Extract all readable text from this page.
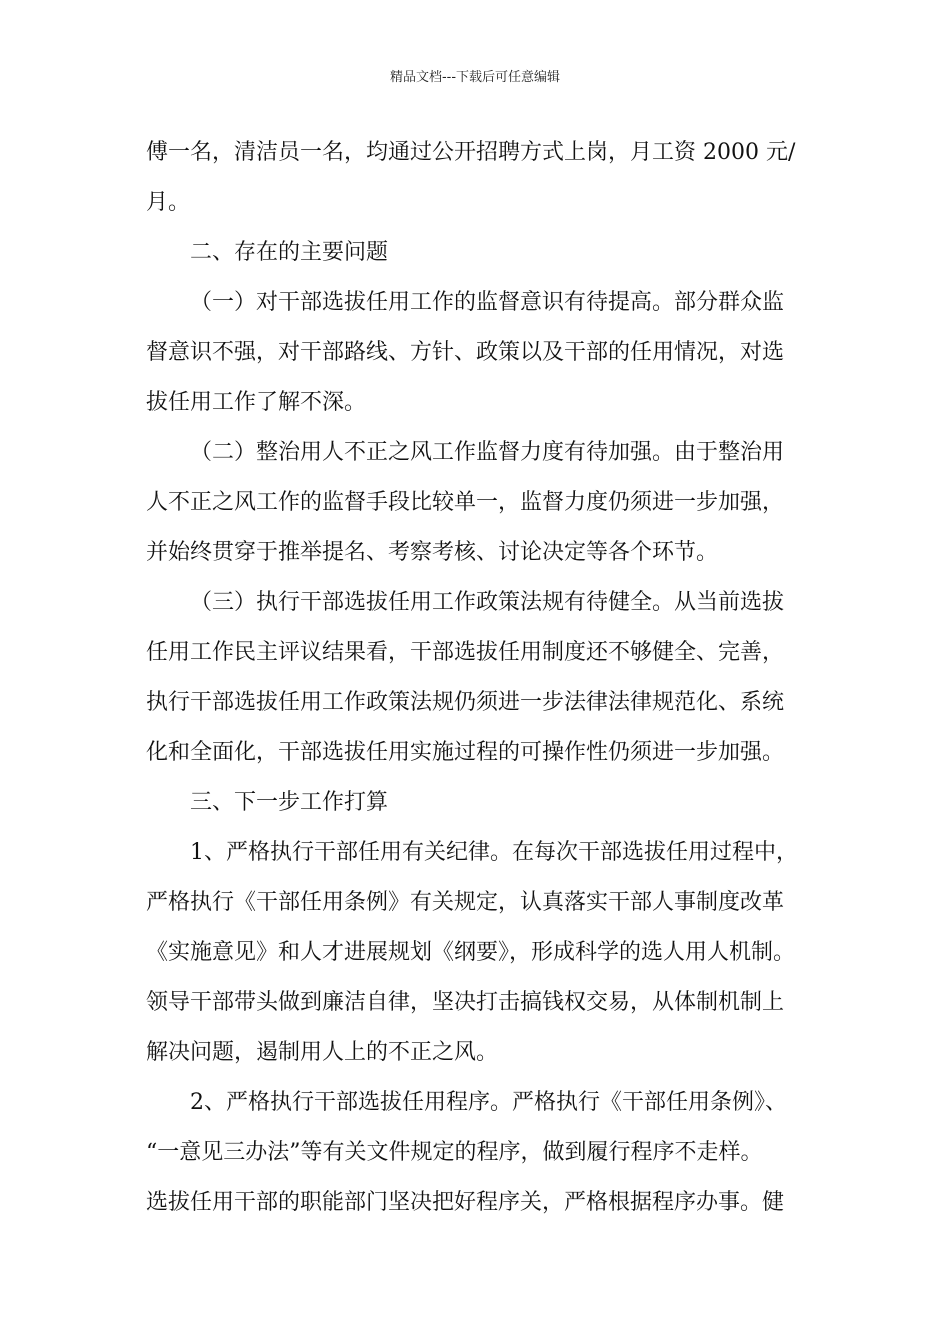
精品文档---下载后可任意编辑
傅一名，清洁员一名，均通过公开招聘方式上岗，月工资 2000 元/
月。
二、存在的主要问题
（一）对干部选拔任用工作的监督意识有待提高。部分群众监
督意识不强，对干部路线、方针、政策以及干部的任用情况，对选
拔任用工作了解不深。
（二）整治用人不正之风工作监督力度有待加强。由于整治用
人不正之风工作的监督手段比较单一，监督力度仍须进一步加强，
并始终贯穿于推举提名、考察考核、讨论决定等各个环节。
（三）执行干部选拔任用工作政策法规有待健全。从当前选拔
任用工作民主评议结果看，干部选拔任用制度还不够健全、完善，
执行干部选拔任用工作政策法规仍须进一步法律法律规范化、系统
化和全面化，干部选拔任用实施过程的可操作性仍须进一步加强。
三、下一步工作打算
1、严格执行干部任用有关纪律。在每次干部选拔任用过程中，
严格执行《干部任用条例》有关规定，认真落实干部人事制度改革
《实施意见》和人才进展规划《纲要》，形成科学的选人用人机制。
领导干部带头做到廉洁自律，坚决打击搞钱权交易，从体制机制上
解决问题，遏制用人上的不正之风。
2、严格执行干部选拔任用程序。严格执行《干部任用条例》、
“一意见三办法”等有关文件规定的程序，做到履行程序不走样。
选拔任用干部的职能部门坚决把好程序关，严格根据程序办事。健
